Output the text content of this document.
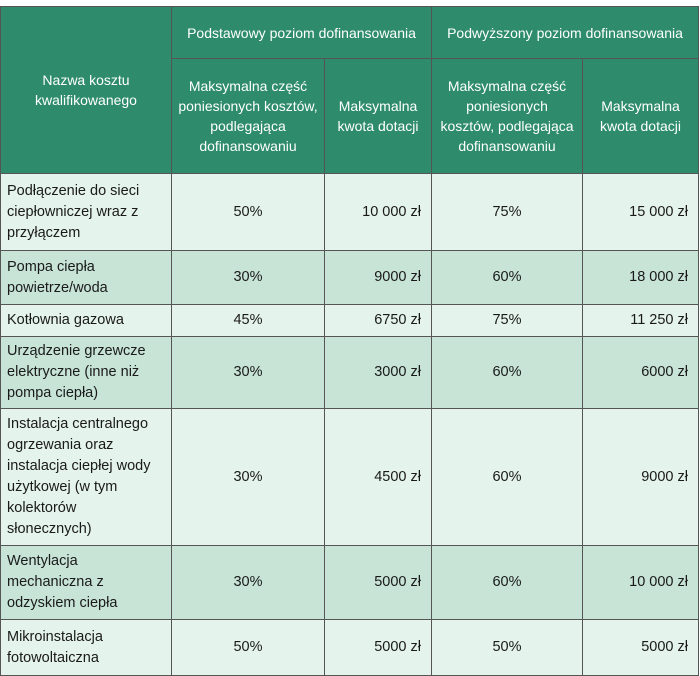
Nazwa kosztu kwalifikowanego	Podstawowy poziom dofinansowania		Podwyższony poziom dofinansowania	
	Maksymalna część poniesionych kosztów, podlegająca dofinansowaniu	Maksymalna kwota dotacji	Maksymalna część poniesionych kosztów, podlegająca dofinansowaniu	Maksymalna kwota dotacji
Podłączenie do sieci ciepłowniczej wraz z przyłączem	50%	10 000 zł	75%	15 000 zł
Pompa ciepła powietrze/woda	30%	9000 zł	60%	18 000 zł
Kotłownia gazowa	45%	6750 zł	75%	11 250 zł
Urządzenie grzewcze elektryczne (inne niż pompa ciepła)	30%	3000 zł	60%	6000 zł
Instalacja centralnego ogrzewania oraz instalacja ciepłej wody użytkowej (w tym kolektorów słonecznych)	30%	4500 zł	60%	9000 zł
Wentylacja mechaniczna z odzyskiem ciepła	30%	5000 zł	60%	10 000 zł
Mikroinstalacja fotowoltaiczna	50%	5000 zł	50%	5000 zł
